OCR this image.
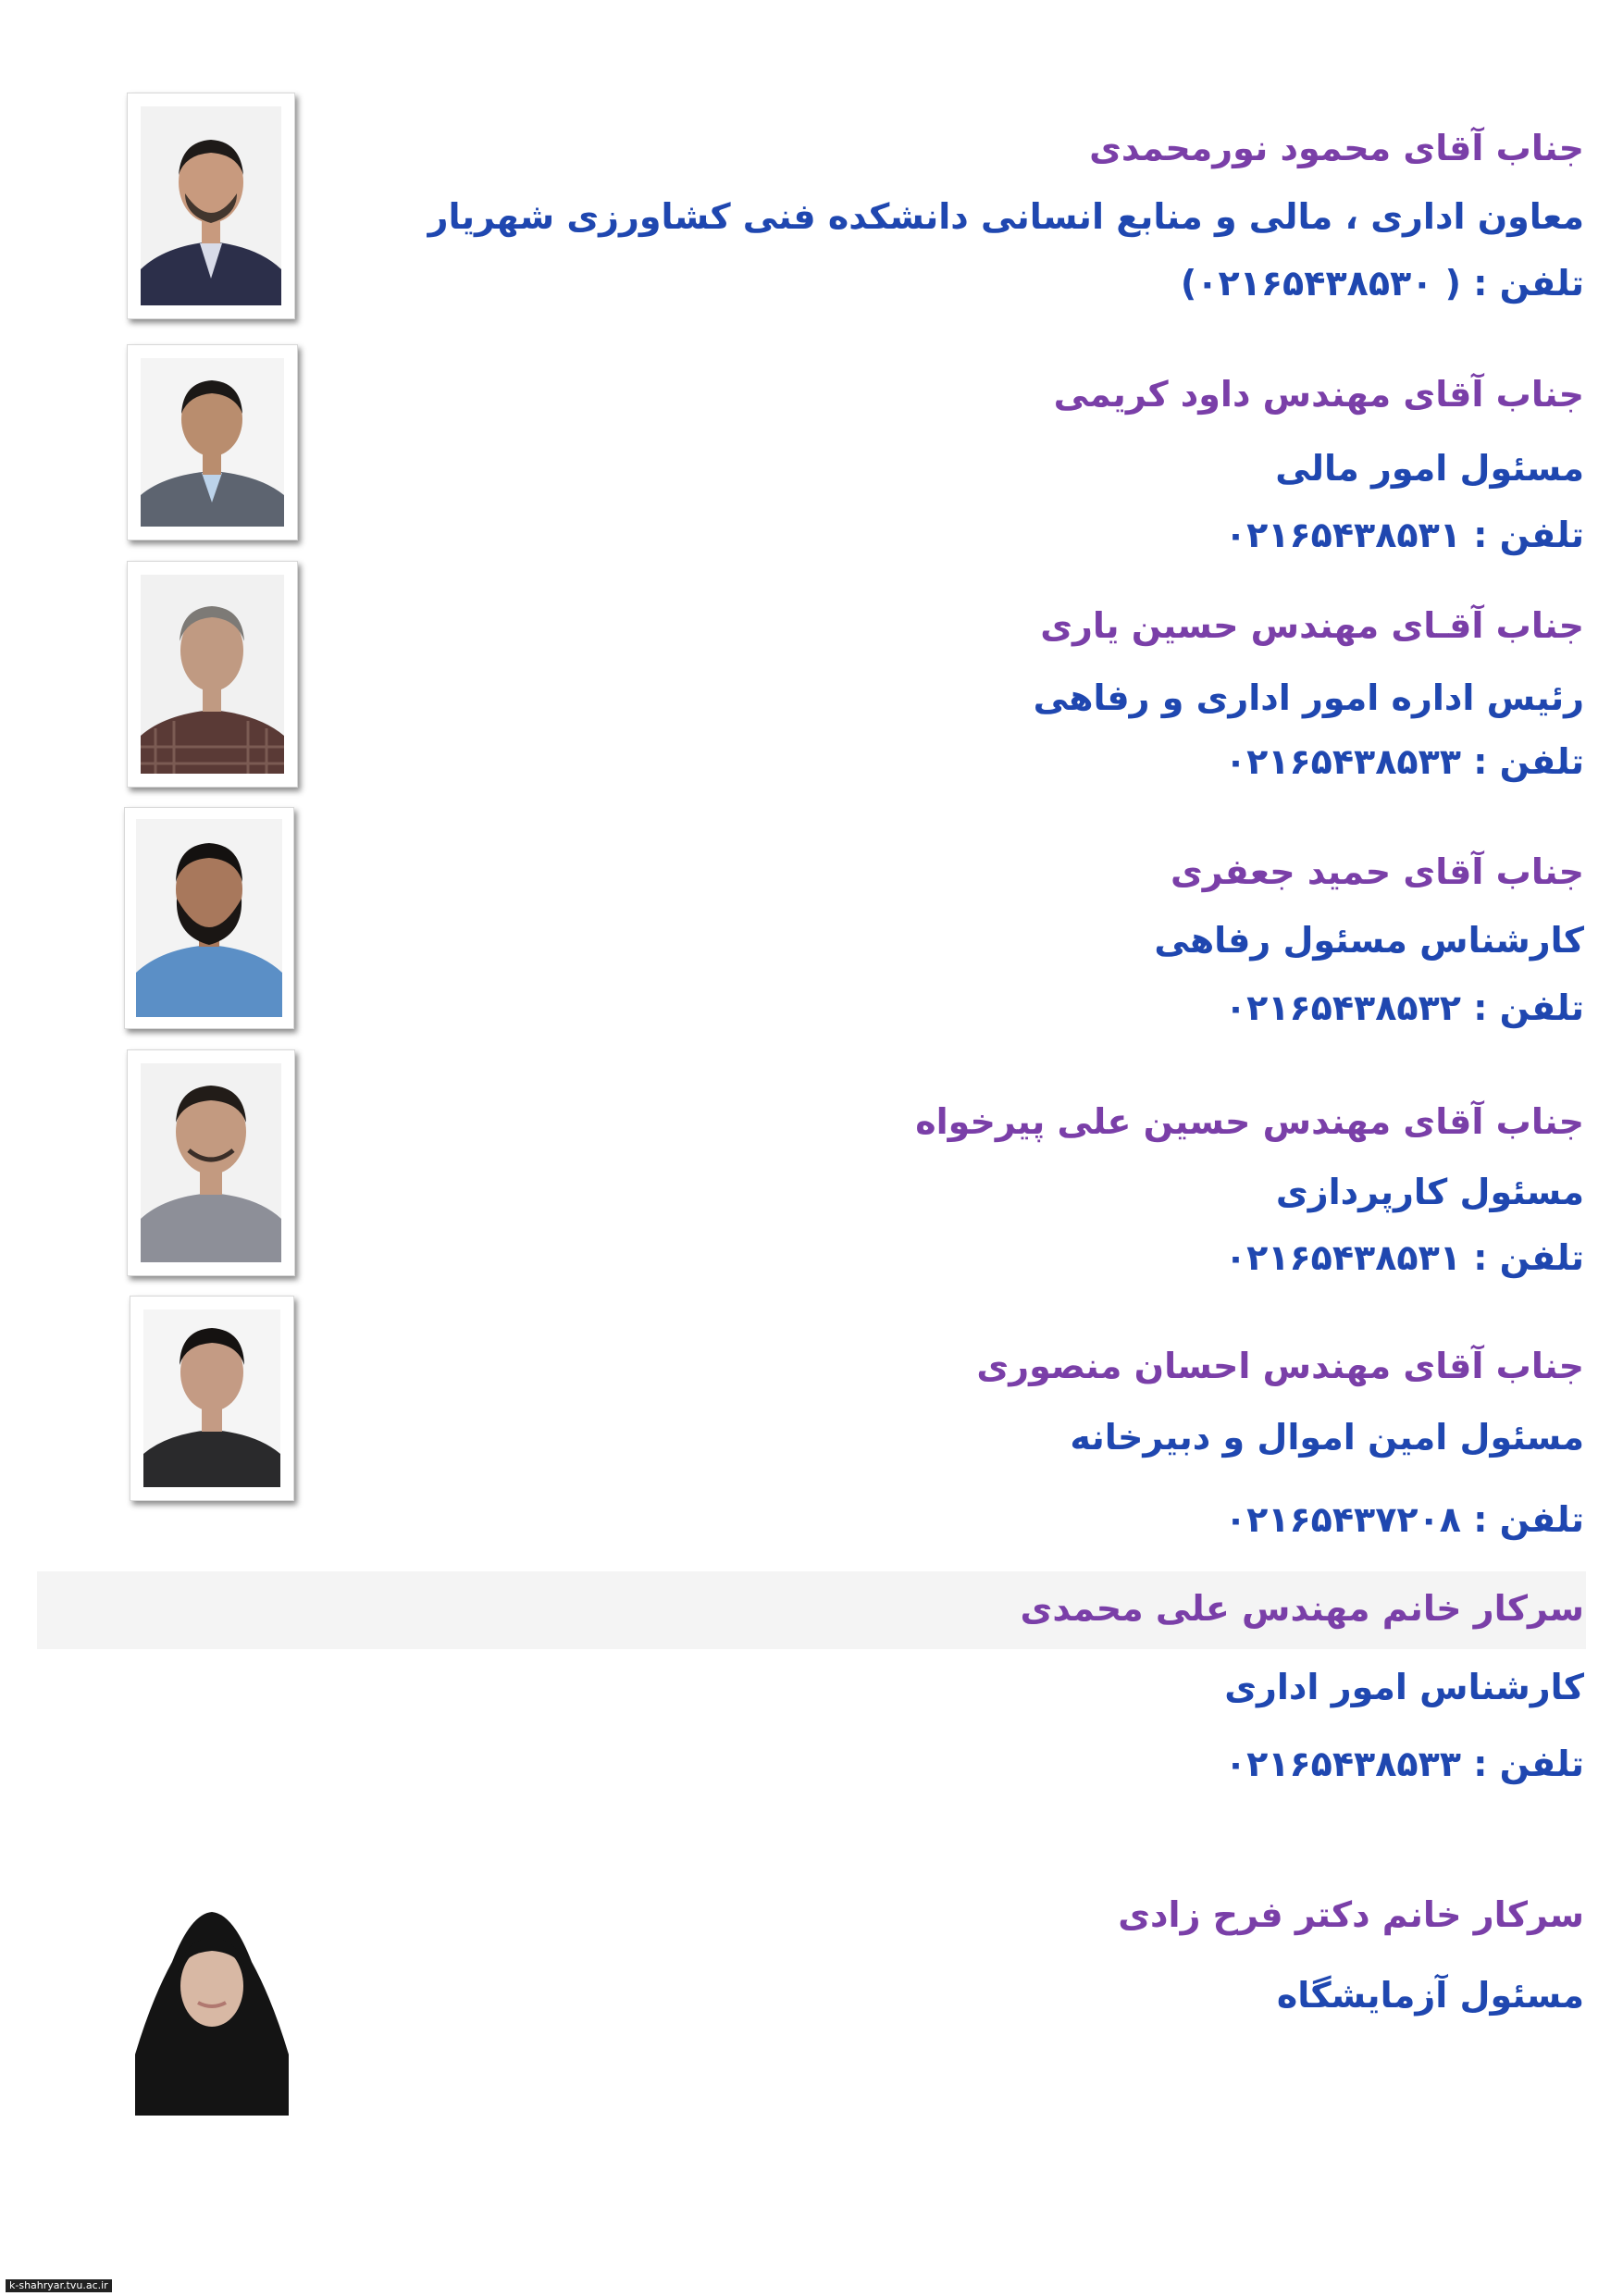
جناب آقای محمود نورمحمدی
معاون اداری ، مالی و منابع انسانی دانشکده فنی کشاورزی شهریار
تلفن : ( ۰۲۱۶۵۴۳۸۵۳۰)
جناب آقای مهندس داود کریمی
مسئول امور مالی
تلفن : ۰۲۱۶۵۴۳۸۵۳۱
جناب آقـای مهندس حسین یاری
رئیس اداره امور اداری و رفاهی
تلفن : ۰۲۱۶۵۴۳۸۵۳۳
جناب آقای حمید جعفری
کارشناس مسئول رفاهی
تلفن : ۰۲۱۶۵۴۳۸۵۳۲
جناب آقای مهندس حسین علی پیرخواه
مسئول کارپردازی
تلفن : ۰۲۱۶۵۴۳۸۵۳۱
جناب آقای مهندس احسان منصوری
مسئول امین اموال و دبیرخانه
تلفن : ۰۲۱۶۵۴۳۷۲۰۸
سرکار خانم مهندس علی محمدی
کارشناس امور اداری
تلفن : ۰۲۱۶۵۴۳۸۵۳۳
سرکار خانم دکتر فرح زادی
مسئول آزمایشگاه
k-shahryar.tvu.ac.ir
